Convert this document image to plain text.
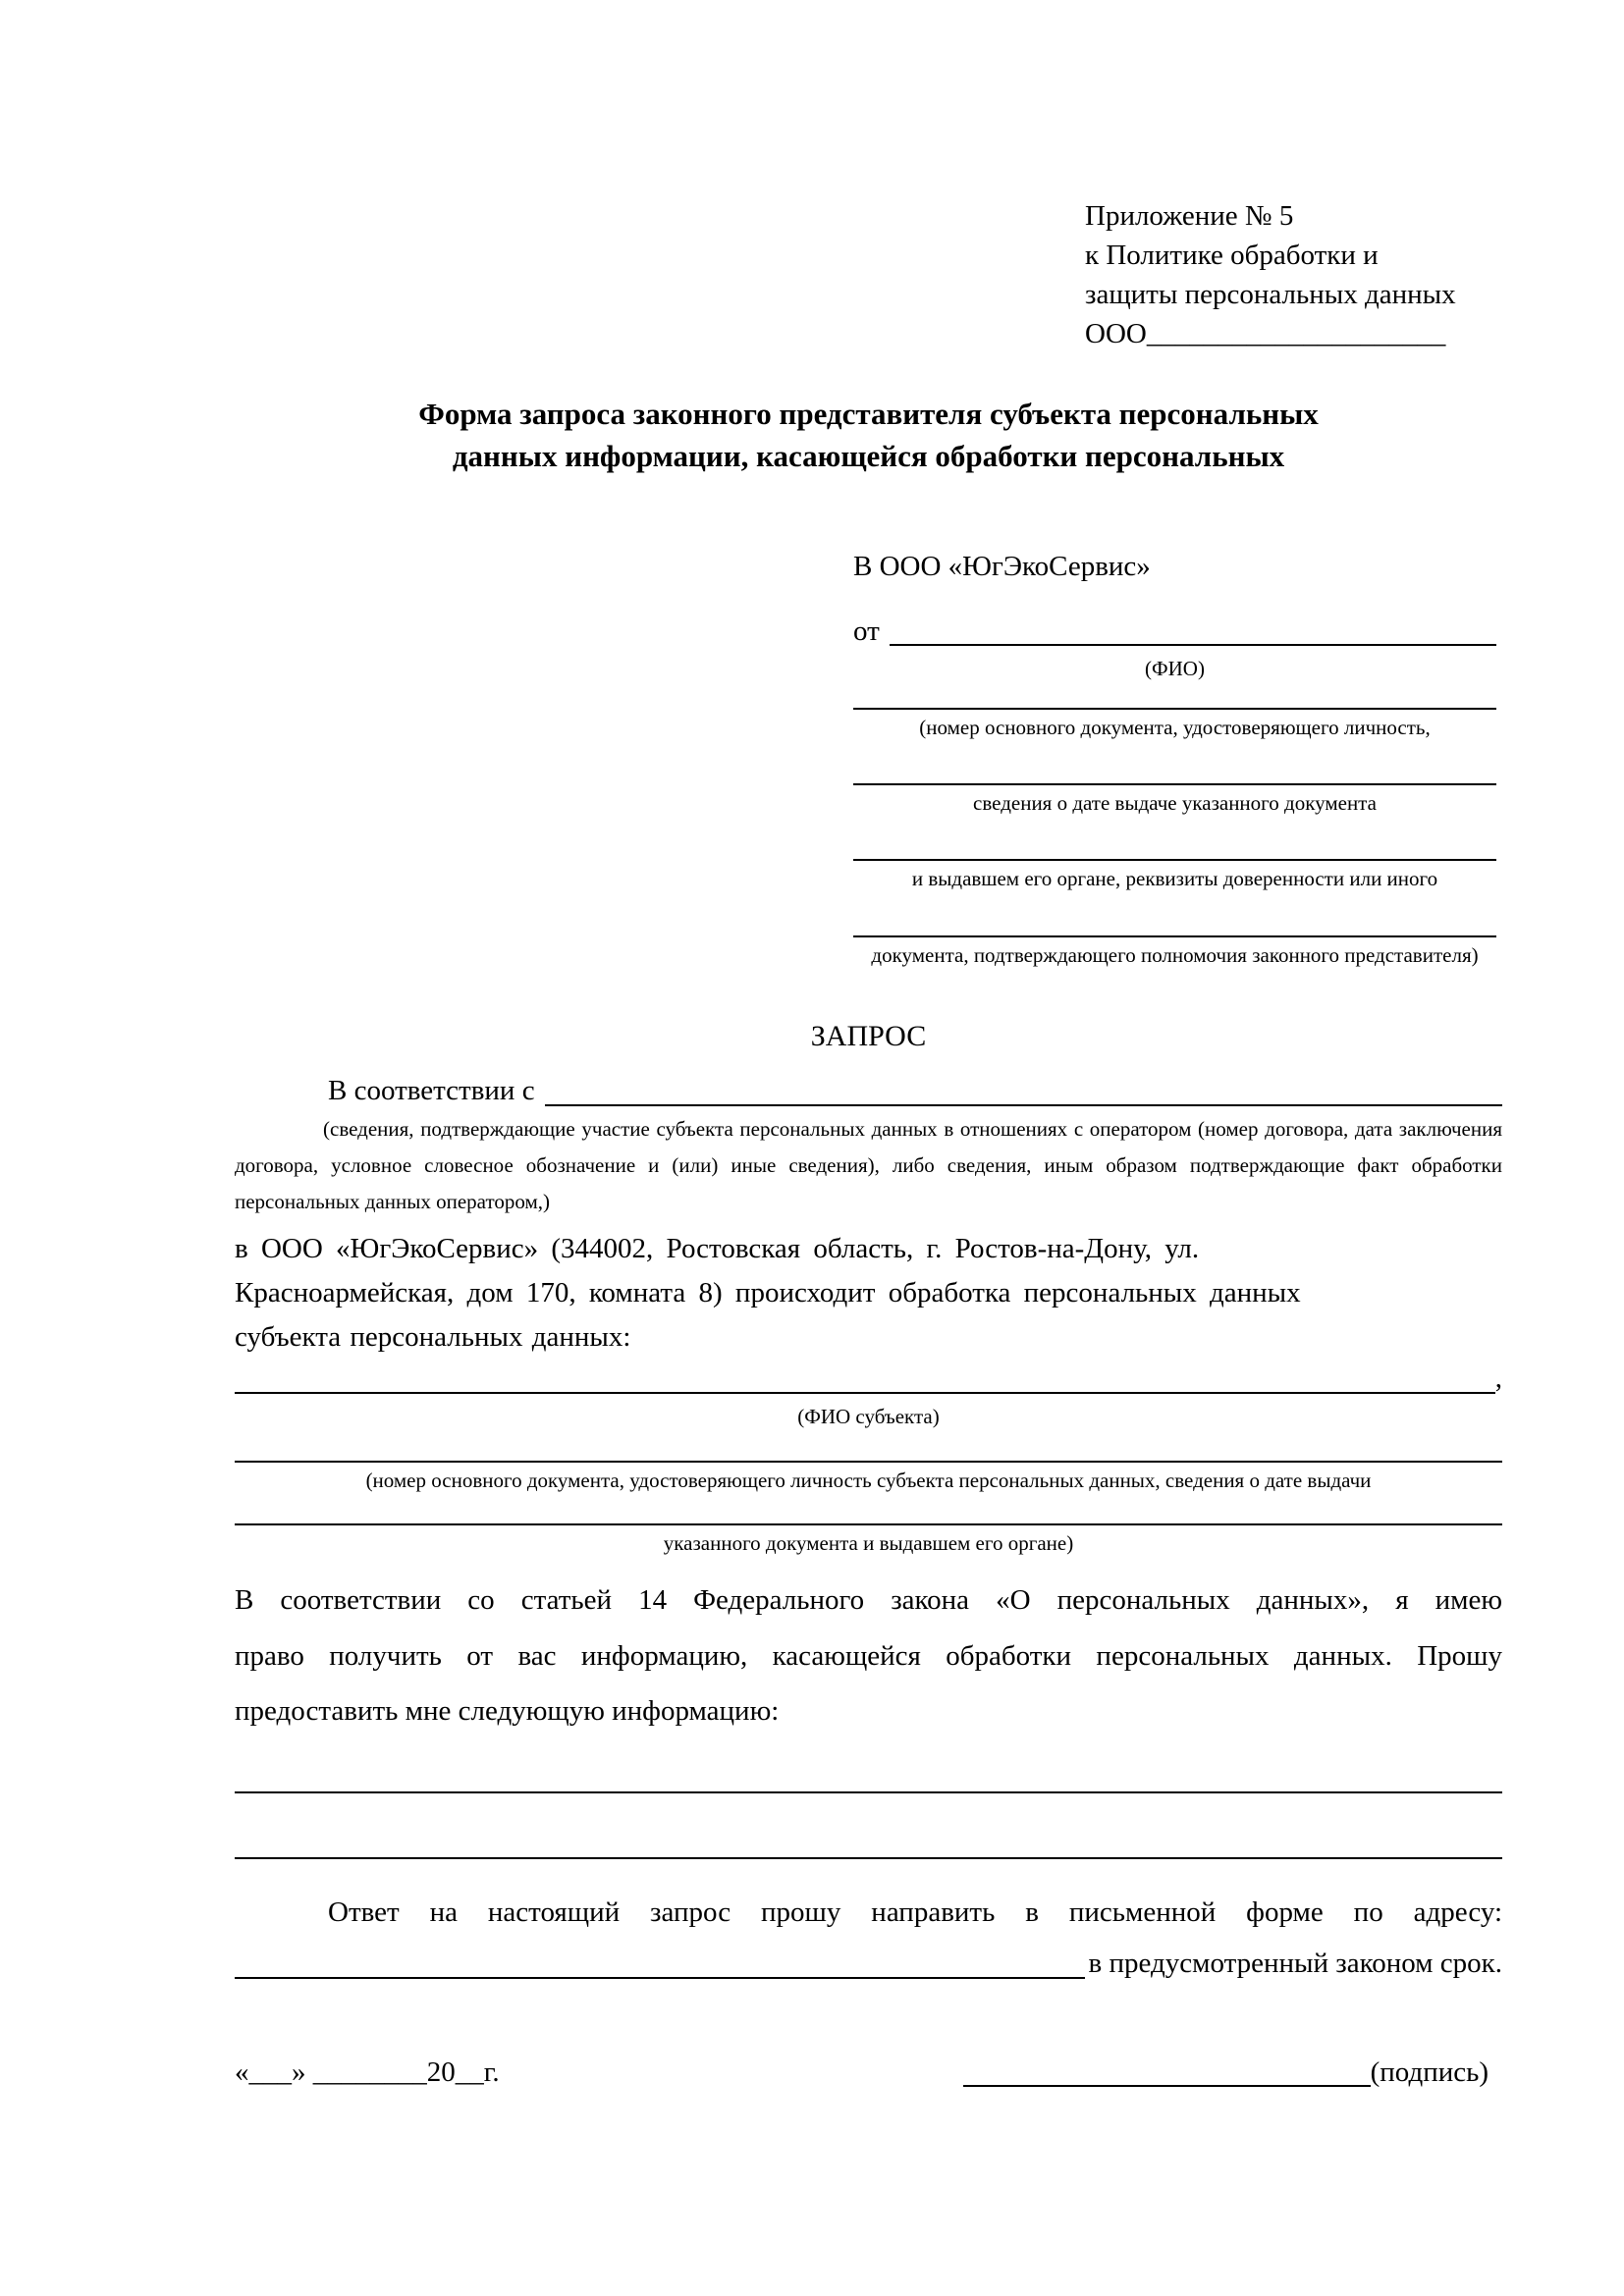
Приложение № 5
к Политике обработки и
защиты персональных данных
ООО_____________________
Форма запроса законного представителя субъекта персональных
данных информации, касающейся обработки персональных
В ООО «ЮгЭкоСервис»
от
(ФИО)
(номер основного документа, удостоверяющего личность,
сведения о дате выдаче указанного документа
и выдавшем его органе, реквизиты доверенности или иного
документа, подтверждающего полномочия законного представителя)
ЗАПРОС
В соответствии с
(сведения, подтверждающие участие субъекта персональных данных в отношениях с оператором (номер договора, дата заключения договора, условное словесное обозначение и (или) иные сведения), либо сведения, иным образом подтверждающие факт обработки персональных данных оператором,)
в ООО «ЮгЭкоСервис» (344002, Ростовская область, г. Ростов-на-Дону, ул.
Красноармейская, дом 170, комната 8) происходит обработка персональных данных
субъекта персональных данных:
,
(ФИО субъекта)
(номер основного документа, удостоверяющего личность субъекта персональных данных, сведения о дате выдачи
указанного документа и выдавшем его органе)
В соответствии со статьей 14 Федерального закона «О персональных данных», я имею
право получить от вас информацию, касающейся обработки персональных данных. Прошу
предоставить мне следующую информацию:
Ответ на настоящий запрос прошу направить в письменной форме по адресу:
в предусмотренный законом срок.
«___» ________20__г.	(подпись)
